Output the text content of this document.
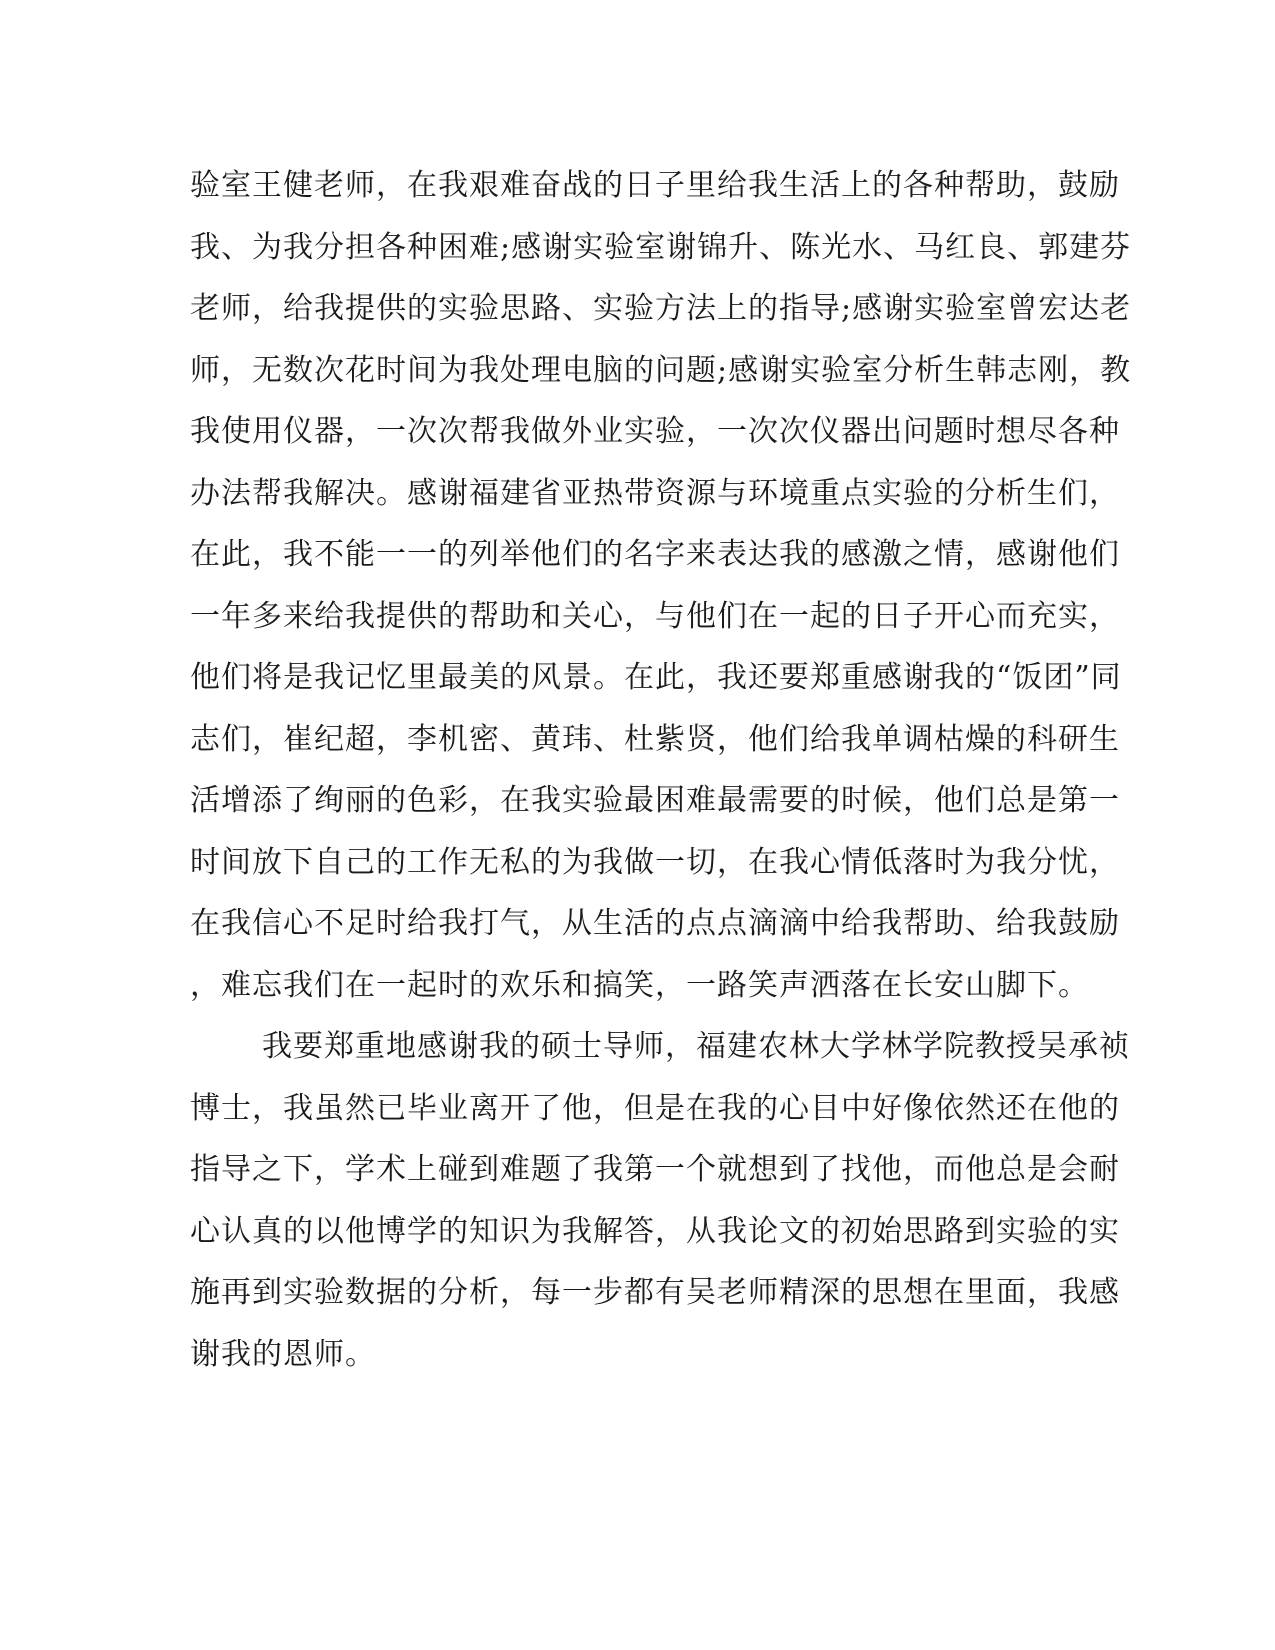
验室王健老师，在我艰难奋战的日子里给我生活上的各种帮助，鼓励
我、为我分担各种困难;感谢实验室谢锦升、陈光水、马红良、郭建芬
老师，给我提供的实验思路、实验方法上的指导;感谢实验室曾宏达老
师，无数次花时间为我处理电脑的问题;感谢实验室分析生韩志刚，教
我使用仪器，一次次帮我做外业实验，一次次仪器出问题时想尽各种
办法帮我解决。感谢福建省亚热带资源与环境重点实验的分析生们，
在此，我不能一一的列举他们的名字来表达我的感激之情，感谢他们
一年多来给我提供的帮助和关心，与他们在一起的日子开心而充实，
他们将是我记忆里最美的风景。在此，我还要郑重感谢我的“饭团”同
志们，崔纪超，李机密、黄玮、杜紫贤，他们给我单调枯燥的科研生
活增添了绚丽的色彩，在我实验最困难最需要的时候，他们总是第一
时间放下自己的工作无私的为我做一切，在我心情低落时为我分忧，
在我信心不足时给我打气，从生活的点点滴滴中给我帮助、给我鼓励
，难忘我们在一起时的欢乐和搞笑，一路笑声洒落在长安山脚下。
我要郑重地感谢我的硕士导师，福建农林大学林学院教授吴承祯
博士，我虽然已毕业离开了他，但是在我的心目中好像依然还在他的
指导之下，学术上碰到难题了我第一个就想到了找他，而他总是会耐
心认真的以他博学的知识为我解答，从我论文的初始思路到实验的实
施再到实验数据的分析，每一步都有吴老师精深的思想在里面，我感
谢我的恩师。
